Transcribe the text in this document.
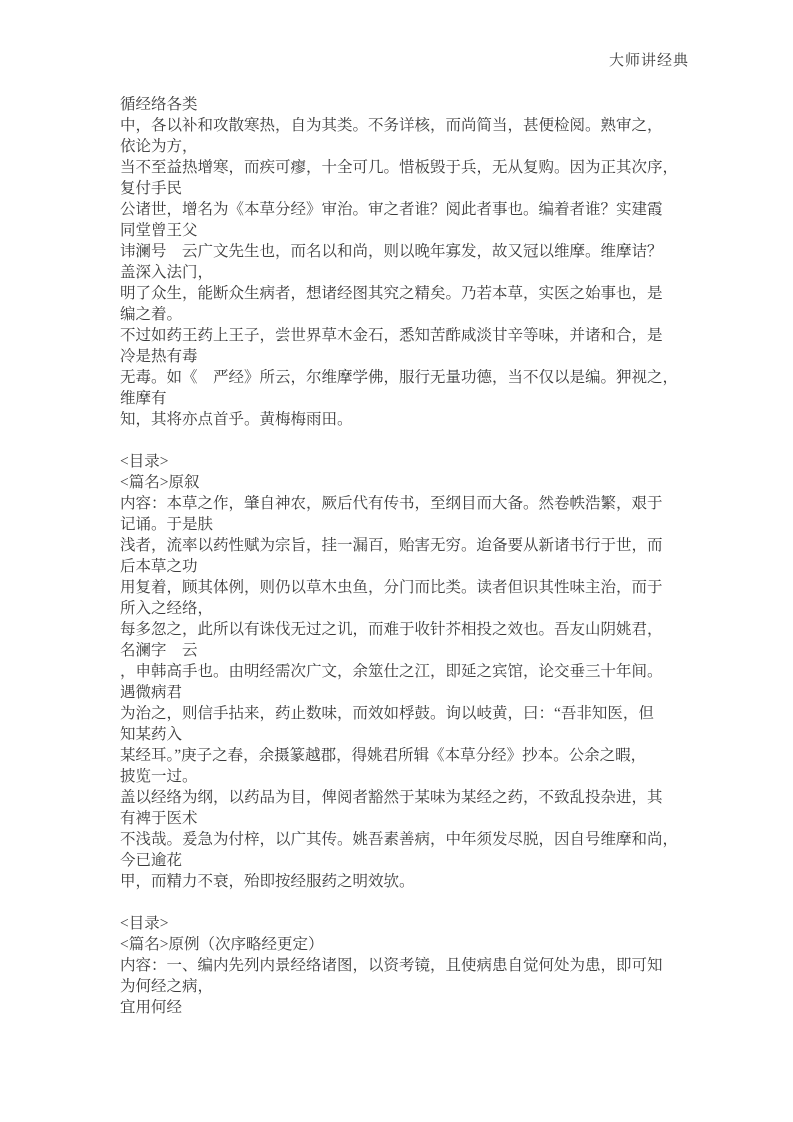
大师讲经典
循经络各类
中，各以补和攻散寒热，自为其类。不务详核，而尚简当，甚便检阅。熟审之，
依论为方，
当不至益热增寒，而疾可瘳，十全可几。惜板毁于兵，无从复购。因为正其次序，
复付手民
公诸世，增名为《本草分经》审治。审之者谁？阅此者事也。编着者谁？实建霞
同堂曾王父
讳澜号　云广文先生也，而名以和尚，则以晚年寡发，故又冠以维摩。维摩诘？
盖深入法门，
明了众生，能断众生病者，想诸经图其究之精矣。乃若本草，实医之始事也，是
编之着。
不过如药王药上王子，尝世界草木金石，悉知苦酢咸淡甘辛等味，并诸和合，是
冷是热有毒
无毒。如《　严经》所云，尔维摩学佛，服行无量功德，当不仅以是编。狎视之，
维摩有
知，其将亦点首乎。黄梅梅雨田。
<目录>
<篇名>原叙
内容：本草之作，肇自神农，厥后代有传书，至纲目而大备。然卷帙浩繁，艰于
记诵。于是肤
浅者，流率以药性赋为宗旨，挂一漏百，贻害无穷。迨备要从新诸书行于世，而
后本草之功
用复着，顾其体例，则仍以草木虫鱼，分门而比类。读者但识其性味主治，而于
所入之经络，
每多忽之，此所以有诛伐无过之讥，而难于收针芥相投之效也。吾友山阴姚君，
名澜字　云
，申韩高手也。由明经需次广文，余筮仕之江，即延之宾馆，论交垂三十年间。
遇微病君
为治之，则信手拈来，药止数味，而效如桴鼓。询以岐黄，曰：“吾非知医，但
知某药入
某经耳。”庚子之春，余摄篆越郡，得姚君所辑《本草分经》抄本。公余之暇，
披览一过。
盖以经络为纲，以药品为目，俾阅者豁然于某味为某经之药，不致乱投杂进，其
有裨于医术
不浅哉。爰急为付梓，以广其传。姚吾素善病，中年须发尽脱，因自号维摩和尚，
今已逾花
甲，而精力不衰，殆即按经服药之明效欤。
<目录>
<篇名>原例（次序略经更定）
内容：一、编内先列内景经络诸图，以资考镜，且使病患自觉何处为患，即可知
为何经之病，
宜用何经
